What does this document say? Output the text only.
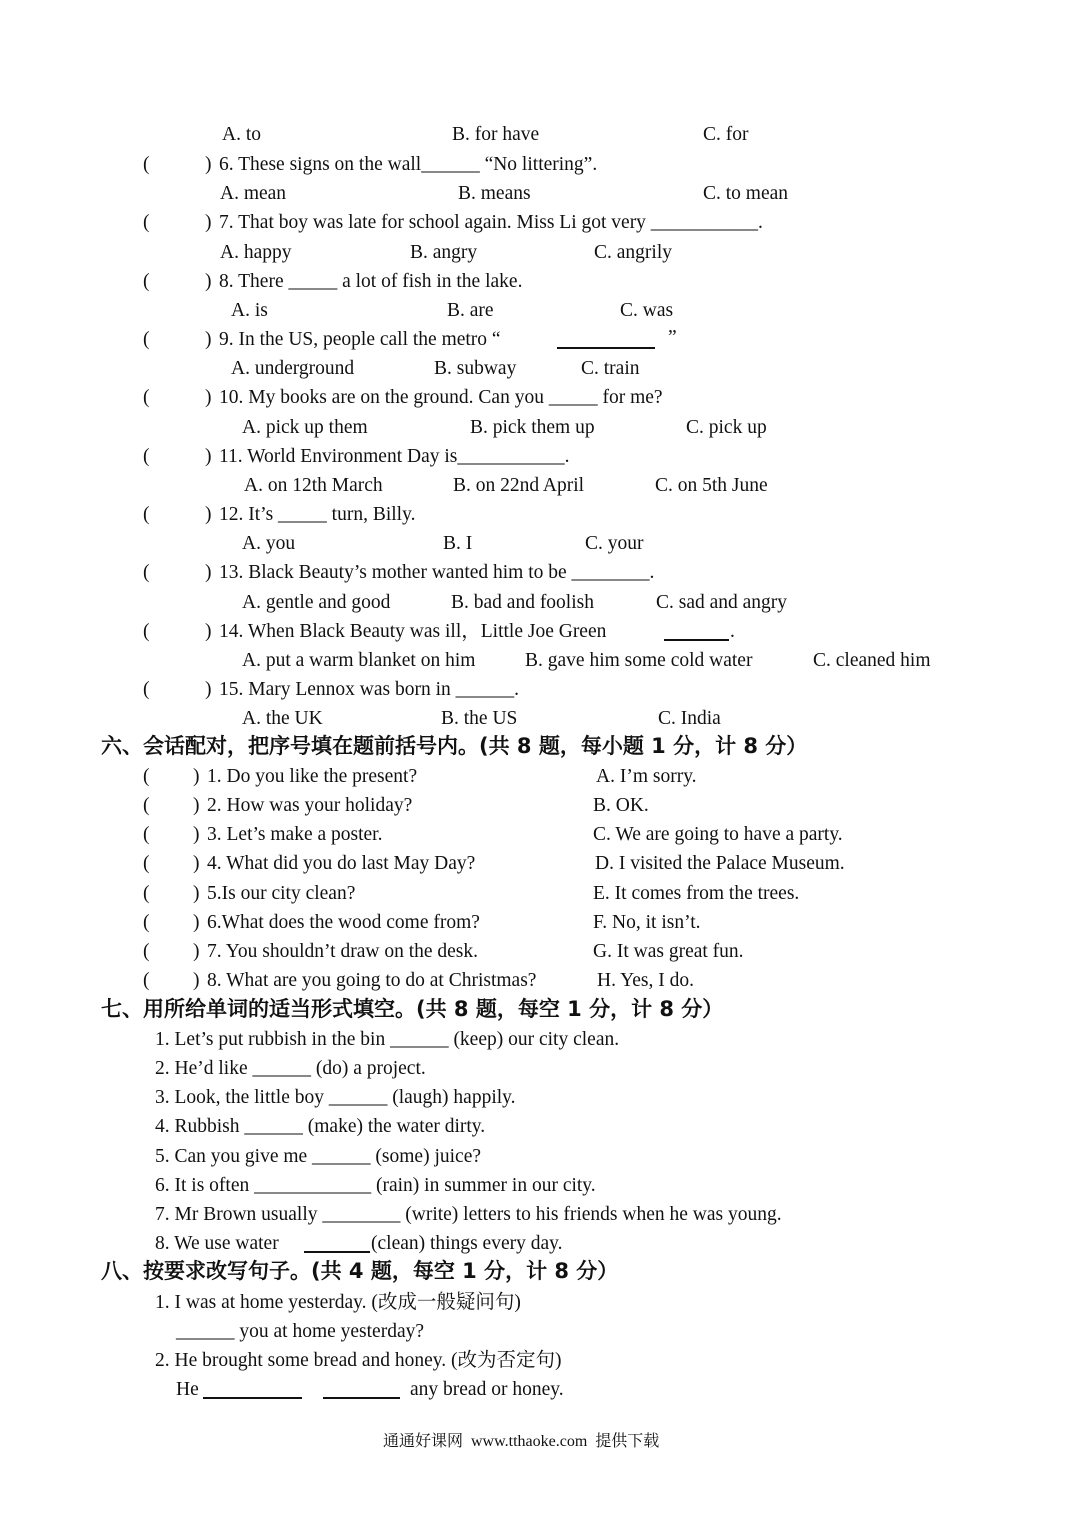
A. to	B. for have	C. for
(	) 6. These signs on the wall______ “No littering”.
A. mean	B. means	C. to mean
(	) 7. That boy was late for school again. Miss Li got very ___________.
A. happy	B. angry	C. angrily
(	) 8. There _____ a lot of fish in the lake.
A. is	B. are	C. was
(	) 9. In the US, people call the metro “	”
A. underground	B. subway	C. train
(	) 10. My books are on the ground. Can you _____ for me?
A. pick up them	B. pick them up	C. pick up
(	) 11. World Environment Day is___________.
A. on 12th March	B. on 22nd April	C. on 5th June
(	) 12. It’s _____ turn, Billy.
A. you	B. I	C. your
(	) 13. Black Beauty’s mother wanted him to be ________.
A. gentle and good	B. bad and foolish	C. sad and angry
(	) 14. When Black Beauty was ill，Little Joe Green	.
A. put a warm blanket on him	B. gave him some cold water	C. cleaned him
(	) 15. Mary Lennox was born in ______.
A. the UK	B. the US	C. India
六、会话配对，把序号填在题前括号内。(共 8 题，每小题 1 分，计 8 分）
( ) 1. Do you like the present?	A. I’m sorry.
( ) 2. How was your holiday?	B. OK.
( ) 3. Let’s make a poster.	C. We are going to have a party.
( ) 4. What did you do last May Day?	D. I visited the Palace Museum.
( ) 5.Is our city clean?	E. It comes from the trees.
( ) 6.What does the wood come from?	F. No, it isn’t.
( ) 7. You shouldn’t draw on the desk.	G. It was great fun.
( ) 8. What are you going to do at Christmas?	H. Yes, I do.
七、用所给单词的适当形式填空。(共 8 题，每空 1 分，计 8 分）
1. Let’s put rubbish in the bin ______ (keep) our city clean.
2. He’d like ______ (do) a project.
3. Look, the little boy ______ (laugh) happily.
4. Rubbish ______ (make) the water dirty.
5. Can you give me ______ (some) juice?
6. It is often ____________ (rain) in summer in our city.
7. Mr Brown usually ________ (write) letters to his friends when he was young.
8. We use water	(clean) things every day.
八、按要求改写句子。(共 4 题，每空 1 分，计 8 分）
1. I was at home yesterday. (改成一般疑问句)
______ you at home yesterday?
2. He brought some bread and honey. (改为否定句)
He	any bread or honey.
通通好课网  www.tthaoke.com  提供下载
